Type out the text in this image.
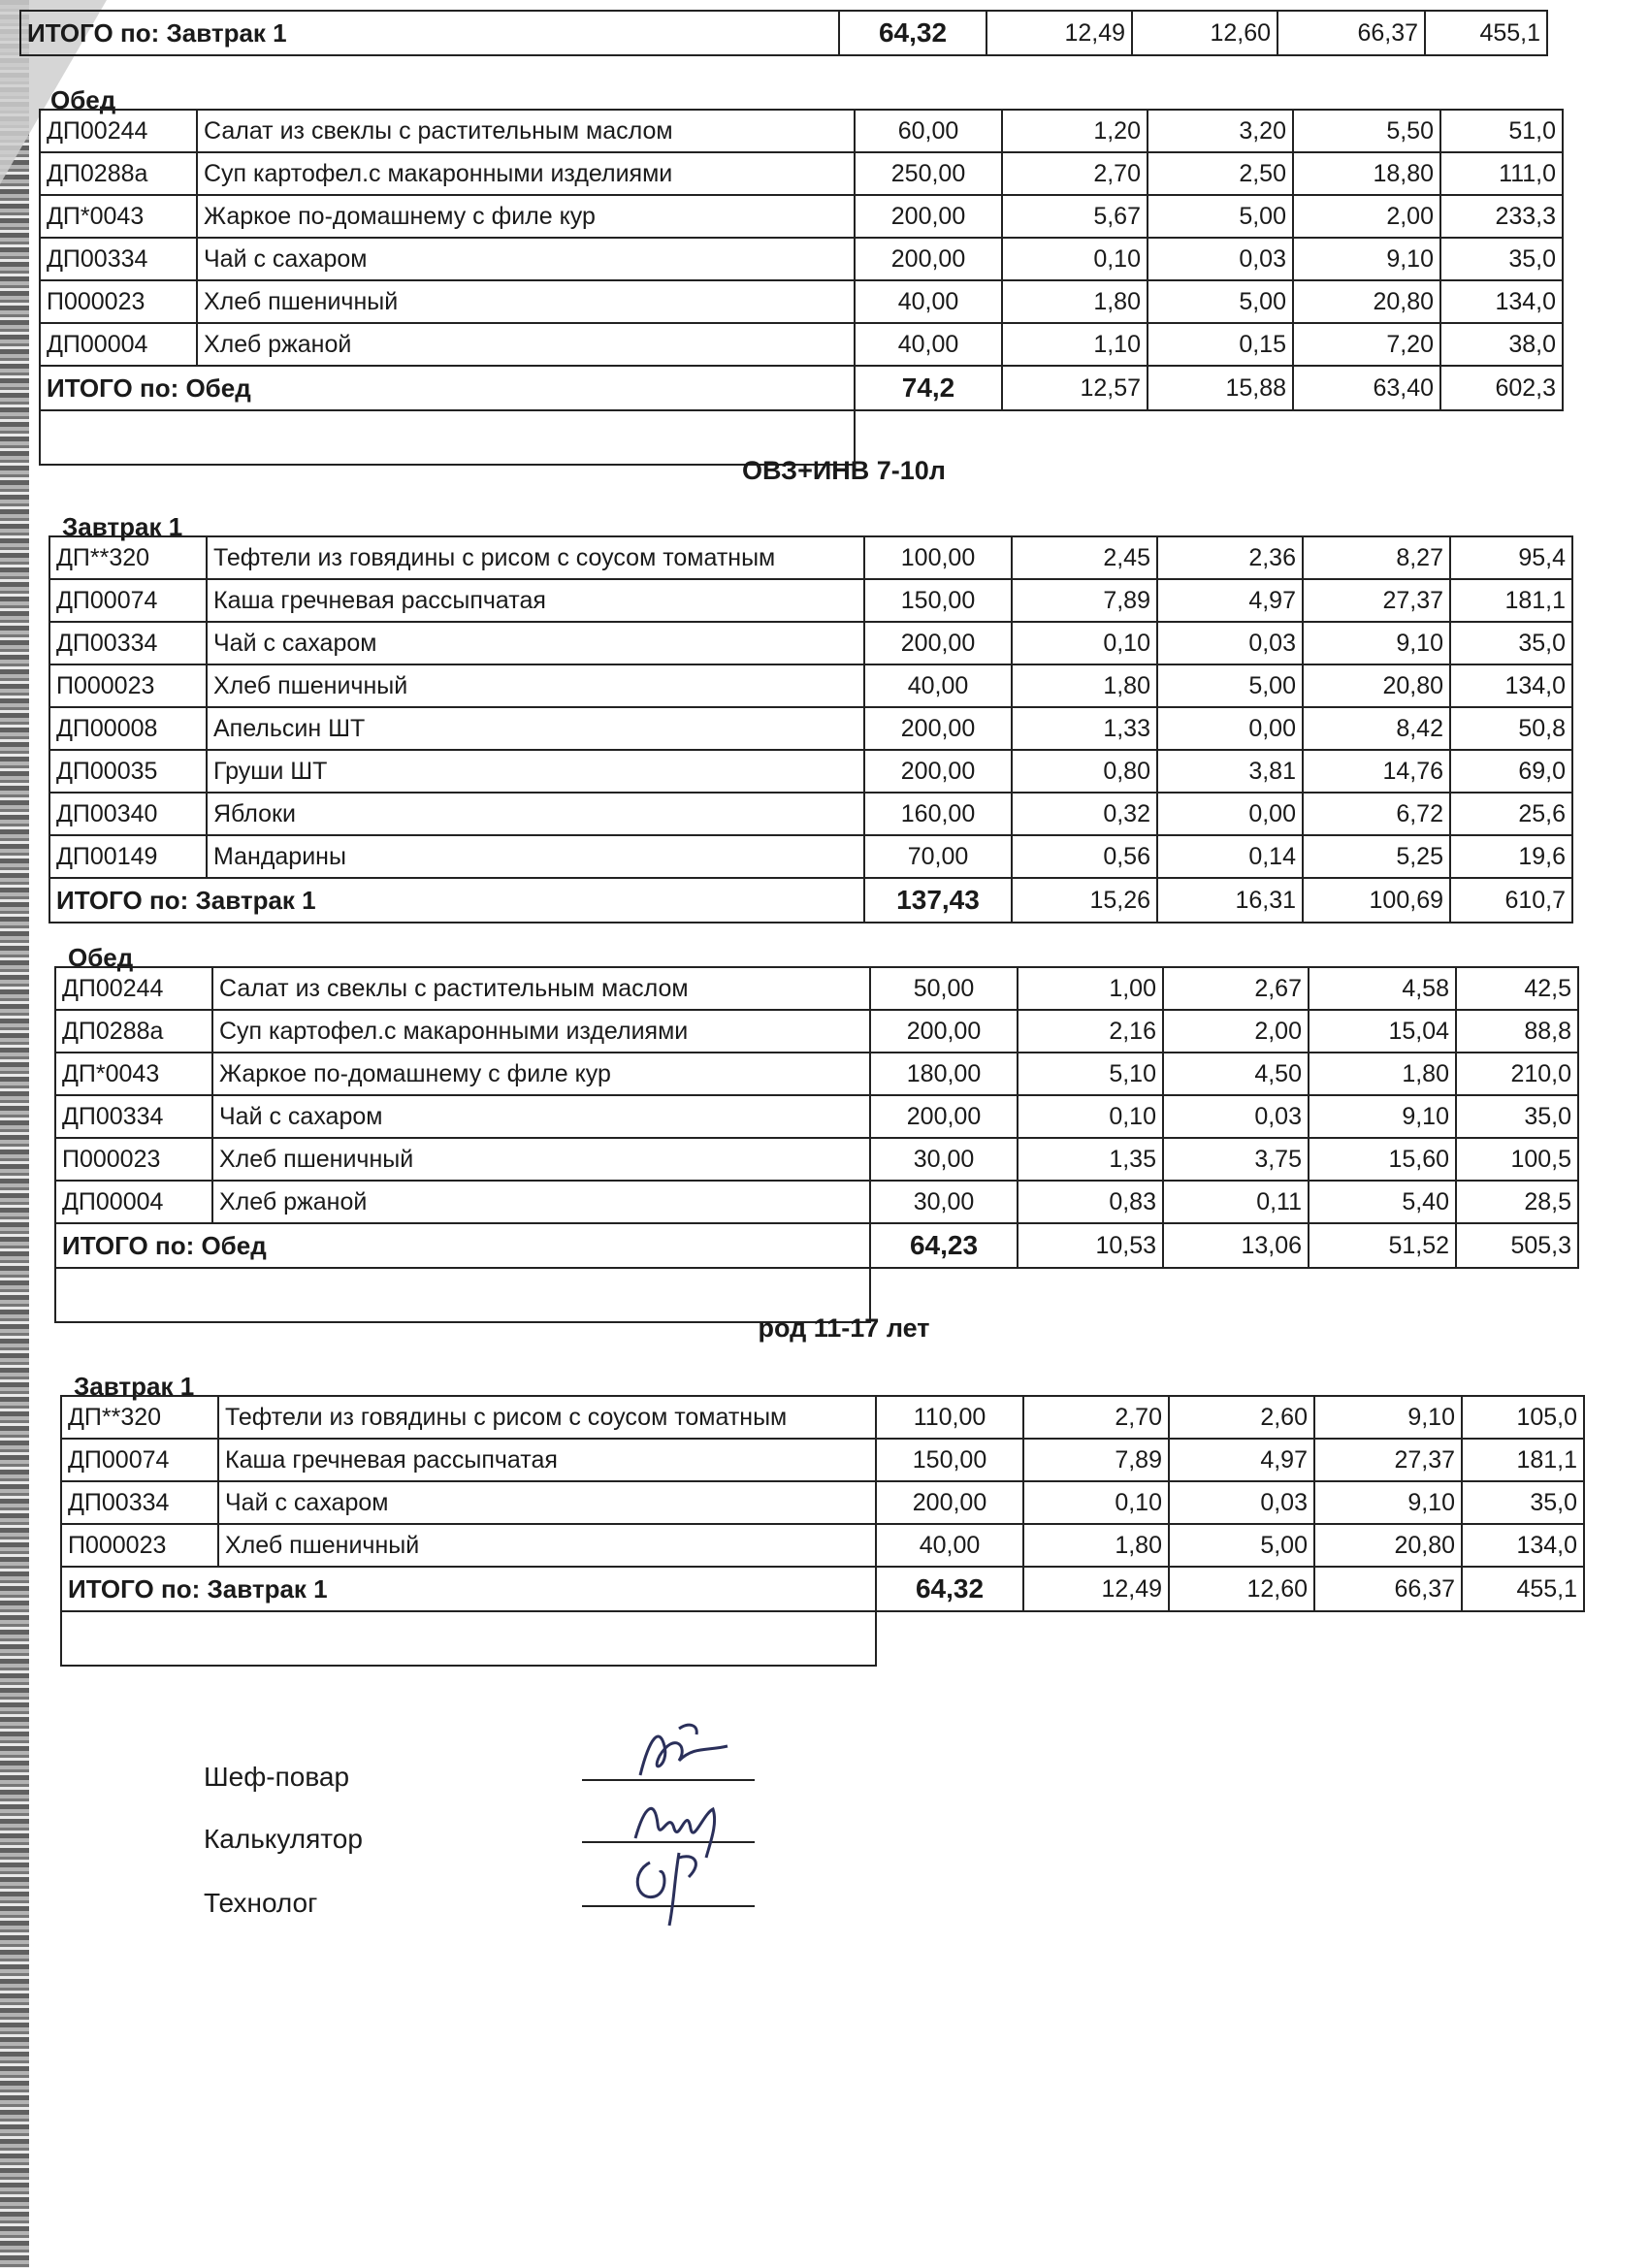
ИТОГО по: Завтрак 1	64,32	12,49	12,60	66,37	455,1
Обед
ДП00244	Салат из свеклы с растительным маслом	60,00	1,20	3,20	5,50	51,0
ДП0288а	Суп картофел.с макаронными изделиями	250,00	2,70	2,50	18,80	111,0
ДП*0043	Жаркое по-домашнему с филе кур	200,00	5,67	5,00	2,00	233,3
ДП00334	Чай с сахаром	200,00	0,10	0,03	9,10	35,0
П000023	Хлеб пшеничный	40,00	1,80	5,00	20,80	134,0
ДП00004	Хлеб ржаной	40,00	1,10	0,15	7,20	38,0
ИТОГО по: Обед		74,2	12,57	15,88	63,40	602,3

ОВЗ+ИНВ 7-10л
Завтрак 1
ДП**320	Тефтели из говядины с рисом с соусом томатным	100,00	2,45	2,36	8,27	95,4
ДП00074	Каша гречневая рассыпчатая	150,00	7,89	4,97	27,37	181,1
ДП00334	Чай с сахаром	200,00	0,10	0,03	9,10	35,0
П000023	Хлеб пшеничный	40,00	1,80	5,00	20,80	134,0
ДП00008	Апельсин ШТ	200,00	1,33	0,00	8,42	50,8
ДП00035	Груши ШТ	200,00	0,80	3,81	14,76	69,0
ДП00340	Яблоки	160,00	0,32	0,00	6,72	25,6
ДП00149	Мандарины	70,00	0,56	0,14	5,25	19,6
ИТОГО по: Завтрак 1		137,43	15,26	16,31	100,69	610,7
Обед
ДП00244	Салат из свеклы с растительным маслом	50,00	1,00	2,67	4,58	42,5
ДП0288а	Суп картофел.с макаронными изделиями	200,00	2,16	2,00	15,04	88,8
ДП*0043	Жаркое по-домашнему с филе кур	180,00	5,10	4,50	1,80	210,0
ДП00334	Чай с сахаром	200,00	0,10	0,03	9,10	35,0
П000023	Хлеб пшеничный	30,00	1,35	3,75	15,60	100,5
ДП00004	Хлеб ржаной	30,00	0,83	0,11	5,40	28,5
ИТОГО по: Обед		64,23	10,53	13,06	51,52	505,3

род 11-17 лет
Завтрак 1
ДП**320	Тефтели из говядины с рисом с соусом томатным	110,00	2,70	2,60	9,10	105,0
ДП00074	Каша гречневая рассыпчатая	150,00	7,89	4,97	27,37	181,1
ДП00334	Чай с сахаром	200,00	0,10	0,03	9,10	35,0
П000023	Хлеб пшеничный	40,00	1,80	5,00	20,80	134,0
ИТОГО по: Завтрак 1		64,32	12,49	12,60	66,37	455,1

Шеф-повар
Калькулятор
Технолог
